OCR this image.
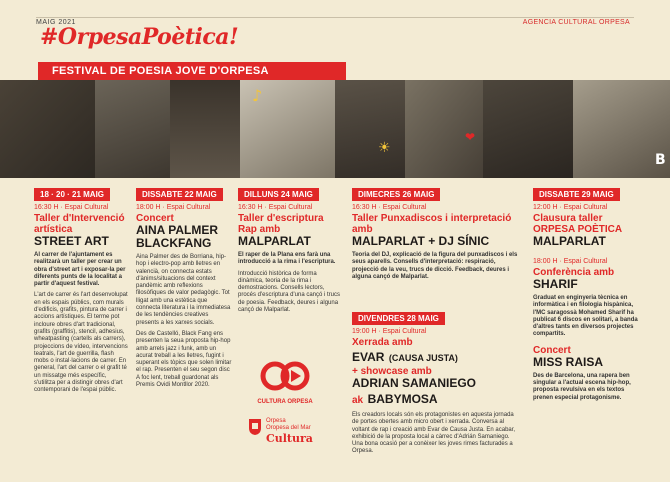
MAIG 2021	AGENCIA CULTURAL ORPESA
#OrpesaPoètica!
FESTIVAL DE POESIA JOVE D'ORPESA
♪
☀
❤
B
18 · 20 · 21 MAIG
16:30 H · Espai Cultural
Taller d'Intervenció artística
STREET ART
Al carrer de l'ajuntament es realitzarà un taller per crear un obra d'street art i exposar-la per diferents punts de la localitat a partir d'aquest festival.
L'art de carrer és l'art desenvolupat en els espais públics, com murals d'edificis, grafits, pintura de carrer i accions artístiques. El terme pot incloure obres d'art tradicional, grafits (graffitis), stencil, adhesius, wheatpasting (cartells als carrers), projeccions de vídeo, intervencions teatrals, l'art de guerrilla, flash mobs o instal·lacions de carrer. En general, l'art del carrer o el grafit té un missatge més específic, s'utilitza per a distingir obres d'art contemporani de l'espai públic.
DISSABTE 22 MAIG
18:00 H · Espai Cultural
Concert
AINA PALMER
BLACKFANG
Aina Palmer des de Borriana, hip-hop i electro-pop amb lletres en valencià, on connecta estats d'ànims/situacions del context pandèmic amb reflexions filosòfiques de valor pedagògic. Tot lligat amb una estètica que connecta literatura i la immediatesa de les tendències creatives presents a les xarxes socials.
Des de Castelló, Black Fang ens presenten la seua proposta hip-hop amb arrels jazz i funk, amb un acurat treball a les lletres, fugint i superant els tòpics que solen limitar el rap. Presenten el seu segon disc A foc lent, treball guardonat als Premis Ovidi Montllor 2020.
DILLUNS 24 MAIG
16:30 H · Espai Cultural
Taller d'escriptura Rap amb
MALPARLAT
El raper de la Plana ens farà una introducció a la rima i l'escriptura.
Introducció històrica de forma dinàmica, teoria de la rima i demostracions. Consells lectors, procés d'escriptura d'una cançó i trucs de poesia. Feedback, deures i alguna cançó de Malparlat.
CULTURA ORPESA
Orpesa
Oropesa del Mar
Cultura
DIMECRES 26 MAIG
16:30 H · Espai Cultural
Taller Punxadiscos i interpretació amb
MALPARLAT + DJ SÍNIC
Teoria del DJ, explicació de la figura del punxadiscos i els seus aparells. Consells d'interpretació: respiració, projecció de la veu, trucs de dicció. Feedback, deures i alguna cançó de Malparlat.
DIVENDRES 28 MAIG
19:00 H · Espai Cultural
Xerrada amb
EVAR (CAUSA JUSTA)
+ showcase amb
ADRIAN SAMANIEGO
ak BABYMOSA
Els creadors locals són els protagonistes en aquesta jornada de portes obertes amb micro obert i xerrada. Conversa al voltant de rap i creació amb Evar de Causa Justa. En acabar, exhibició de la proposta local a càrrec d'Adrián Samaniego. Una bona ocasió per a conèixer les joves rimes facturades a Orpesa.
DISSABTE 29 MAIG
12:00 H · Espai Cultural
Clausura taller ORPESA POÈTICA
MALPARLAT
18:00 H · Espai Cultural
Conferència amb
SHARIF
Graduat en enginyeria tècnica en informàtica i en filologia hispànica, l'MC saragossà Mohamed Sharif ha publicat 6 discos en solitari, a banda d'altres tants en diversos projectes compartits.
Concert
MISS RAISA
Des de Barcelona, una rapera ben singular a l'actual escena hip-hop, proposta revulsiva en els textos prenen especial protagonisme.
